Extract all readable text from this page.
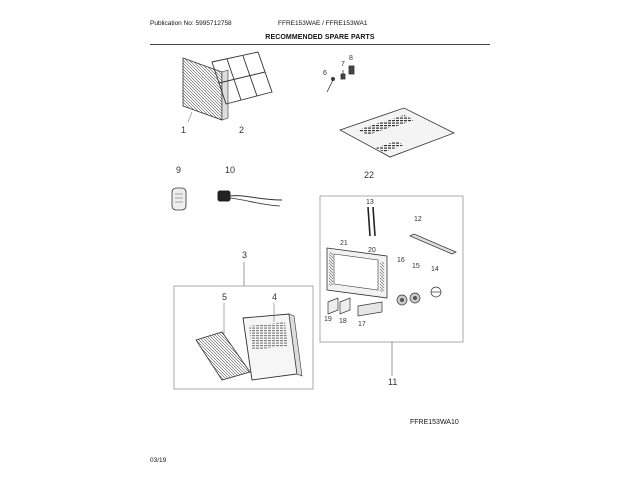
Publication No: 5995712758	FFRE153WAE / FFRE153WA1
RECOMMENDED SPARE PARTS
1	2
3
4
5
6
7
8
9	10
11
12
13
14
15
16
17
18
19
20
21
22
FFRE153WA10
03/19
